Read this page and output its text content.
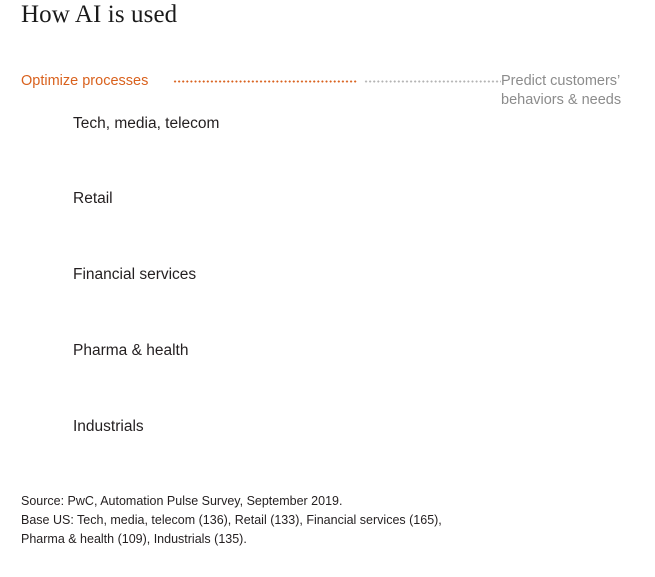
How AI is used
Optimize processes	Predict customers’ behaviors & needs
Tech, media, telecom
Retail
Financial services
Pharma & health
Industrials
Source: PwC, Automation Pulse Survey, September 2019.
Base US: Tech, media, telecom (136), Retail (133), Financial services (165),
Pharma & health (109), Industrials (135).
